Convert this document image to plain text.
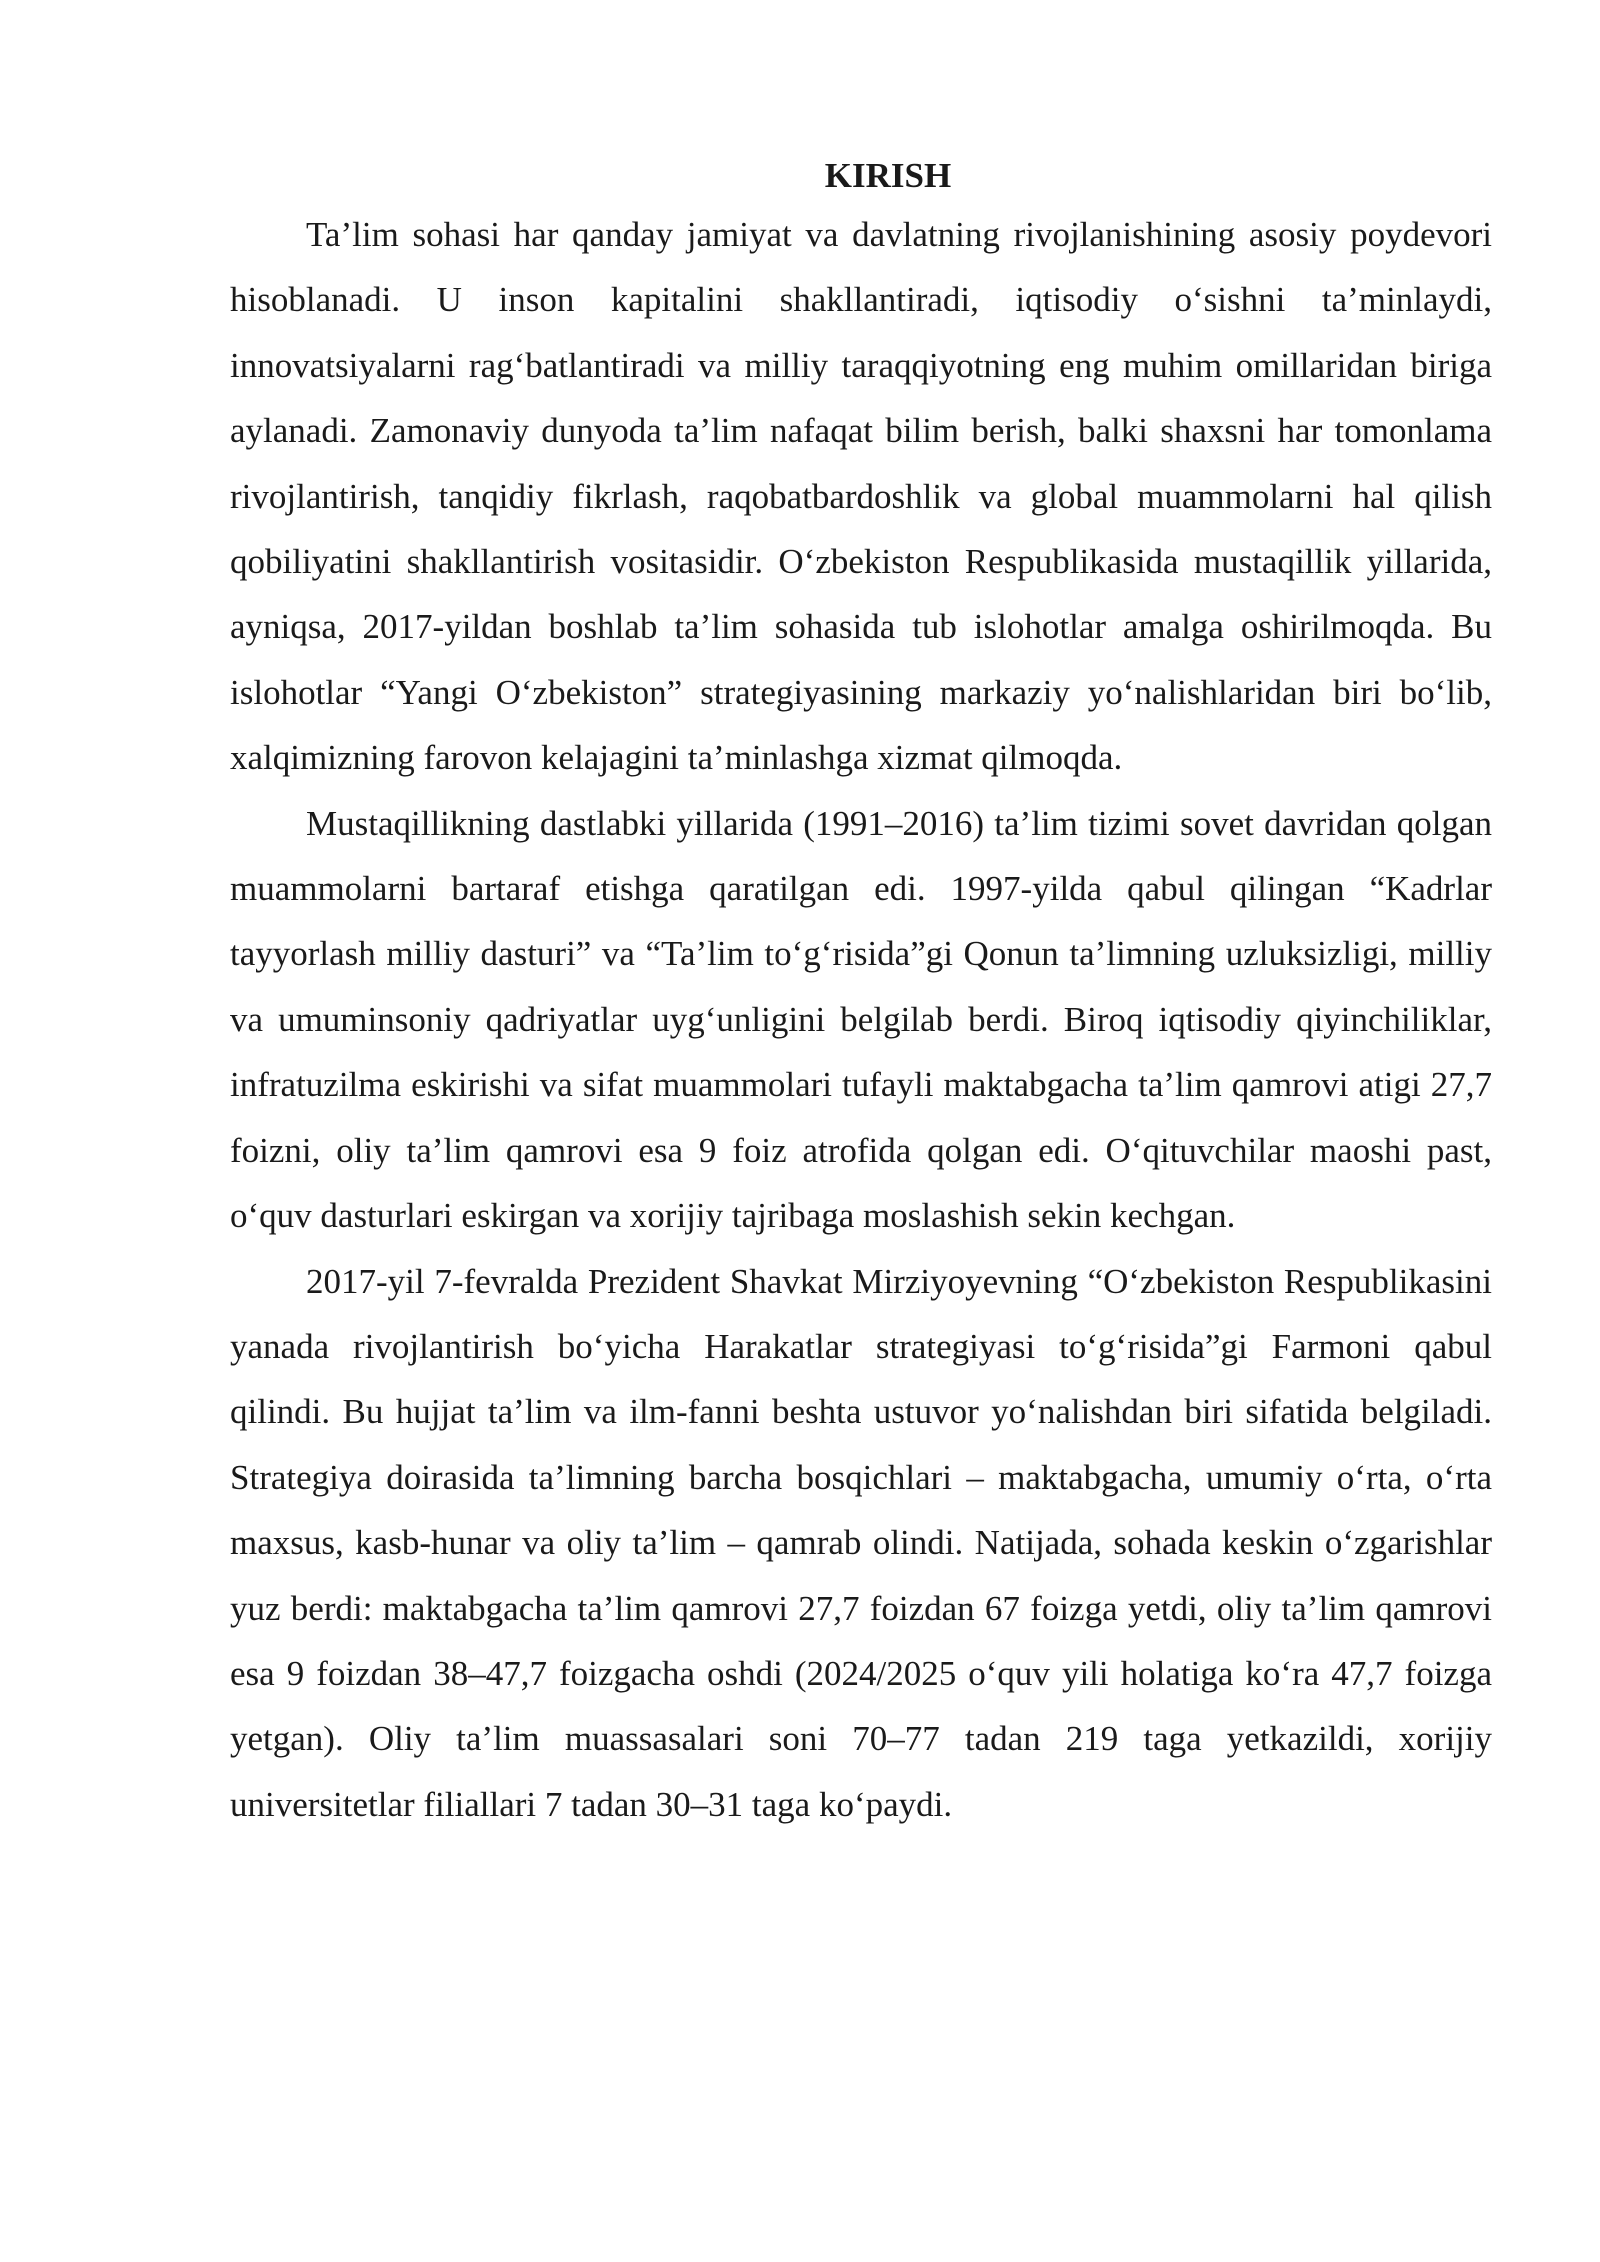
KIRISH

Ta’lim sohasi har qanday jamiyat va davlatning rivojlanishining asosiy poydevori hisoblanadi. U inson kapitalini shakllantiradi, iqtisodiy o‘sishni ta’minlaydi, innovatsiyalarni rag‘batlantiradi va milliy taraqqiyotning eng muhim omillaridan biriga aylanadi. Zamonaviy dunyoda ta’lim nafaqat bilim berish, balki shaxsni har tomonlama rivojlantirish, tanqidiy fikrlash, raqobatbardoshlik va global muammolarni hal qilish qobiliyatini shakllantirish vositasidir. O‘zbekiston Respublikasida mustaqillik yillarida, ayniqsa, 2017-yildan boshlab ta’lim sohasida tub islohotlar amalga oshirilmoqda. Bu islohotlar “Yangi O‘zbekiston” strategiyasining markaziy yo‘nalishlaridan biri bo‘lib, xalqimizning farovon kelajagini ta’minlashga xizmat qilmoqda.

Mustaqillikning dastlabki yillarida (1991–2016) ta’lim tizimi sovet davridan qolgan muammolarni bartaraf etishga qaratilgan edi. 1997-yilda qabul qilingan “Kadrlar tayyorlash milliy dasturi” va “Ta’lim to‘g‘risida”gi Qonun ta’limning uzluksizligi, milliy va umuminsoniy qadriyatlar uyg‘unligini belgilab berdi. Biroq iqtisodiy qiyinchiliklar, infratuzilma eskirishi va sifat muammolari tufayli maktabgacha ta’lim qamrovi atigi 27,7 foizni, oliy ta’lim qamrovi esa 9 foiz atrofida qolgan edi. O‘qituvchilar maoshi past, o‘quv dasturlari eskirgan va xorijiy tajribaga moslashish sekin kechgan.

2017-yil 7-fevralda Prezident Shavkat Mirziyoyevning “O‘zbekiston Respublikasini yanada rivojlantirish bo‘yicha Harakatlar strategiyasi to‘g‘risida”gi Farmoni qabul qilindi. Bu hujjat ta’lim va ilm-fanni beshta ustuvor yo‘nalishdan biri sifatida belgiladi. Strategiya doirasida ta’limning barcha bosqichlari – maktabgacha, umumiy o‘rta, o‘rta maxsus, kasb-hunar va oliy ta’lim – qamrab olindi. Natijada, sohada keskin o‘zgarishlar yuz berdi: maktabgacha ta’lim qamrovi 27,7 foizdan 67 foizga yetdi, oliy ta’lim qamrovi esa 9 foizdan 38–47,7 foizgacha oshdi (2024/2025 o‘quv yili holatiga ko‘ra 47,7 foizga yetgan). Oliy ta’lim muassasalari soni 70–77 tadan 219 taga yetkazildi, xorijiy universitetlar filiallari 7 tadan 30–31 taga ko‘paydi.
